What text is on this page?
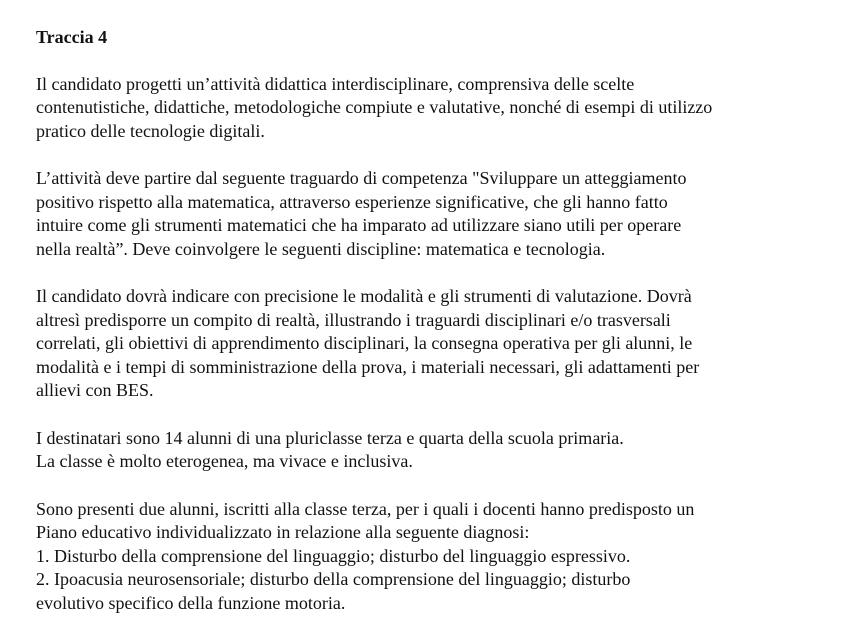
Traccia 4
Il candidato progetti un’attività didattica interdisciplinare, comprensiva delle scelte
contenutistiche, didattiche, metodologiche compiute e valutative, nonché di esempi di utilizzo
pratico delle tecnologie digitali.
L’attività deve partire dal seguente traguardo di competenza "Sviluppare un atteggiamento
positivo rispetto alla matematica, attraverso esperienze significative, che gli hanno fatto
intuire come gli strumenti matematici che ha imparato ad utilizzare siano utili per operare
nella realtà”. Deve coinvolgere le seguenti discipline: matematica e tecnologia.
Il candidato dovrà indicare con precisione le modalità e gli strumenti di valutazione. Dovrà
altresì predisporre un compito di realtà, illustrando i traguardi disciplinari e/o trasversali
correlati, gli obiettivi di apprendimento disciplinari, la consegna operativa per gli alunni, le
modalità e i tempi di somministrazione della prova, i materiali necessari, gli adattamenti per
allievi con BES.
I destinatari sono 14 alunni di una pluriclasse terza e quarta della scuola primaria.
La classe è molto eterogenea, ma vivace e inclusiva.
Sono presenti due alunni, iscritti alla classe terza, per i quali i docenti hanno predisposto un
Piano educativo individualizzato in relazione alla seguente diagnosi:
1. Disturbo della comprensione del linguaggio; disturbo del linguaggio espressivo.
2. Ipoacusia neurosensoriale; disturbo della comprensione del linguaggio; disturbo
evolutivo specifico della funzione motoria.
